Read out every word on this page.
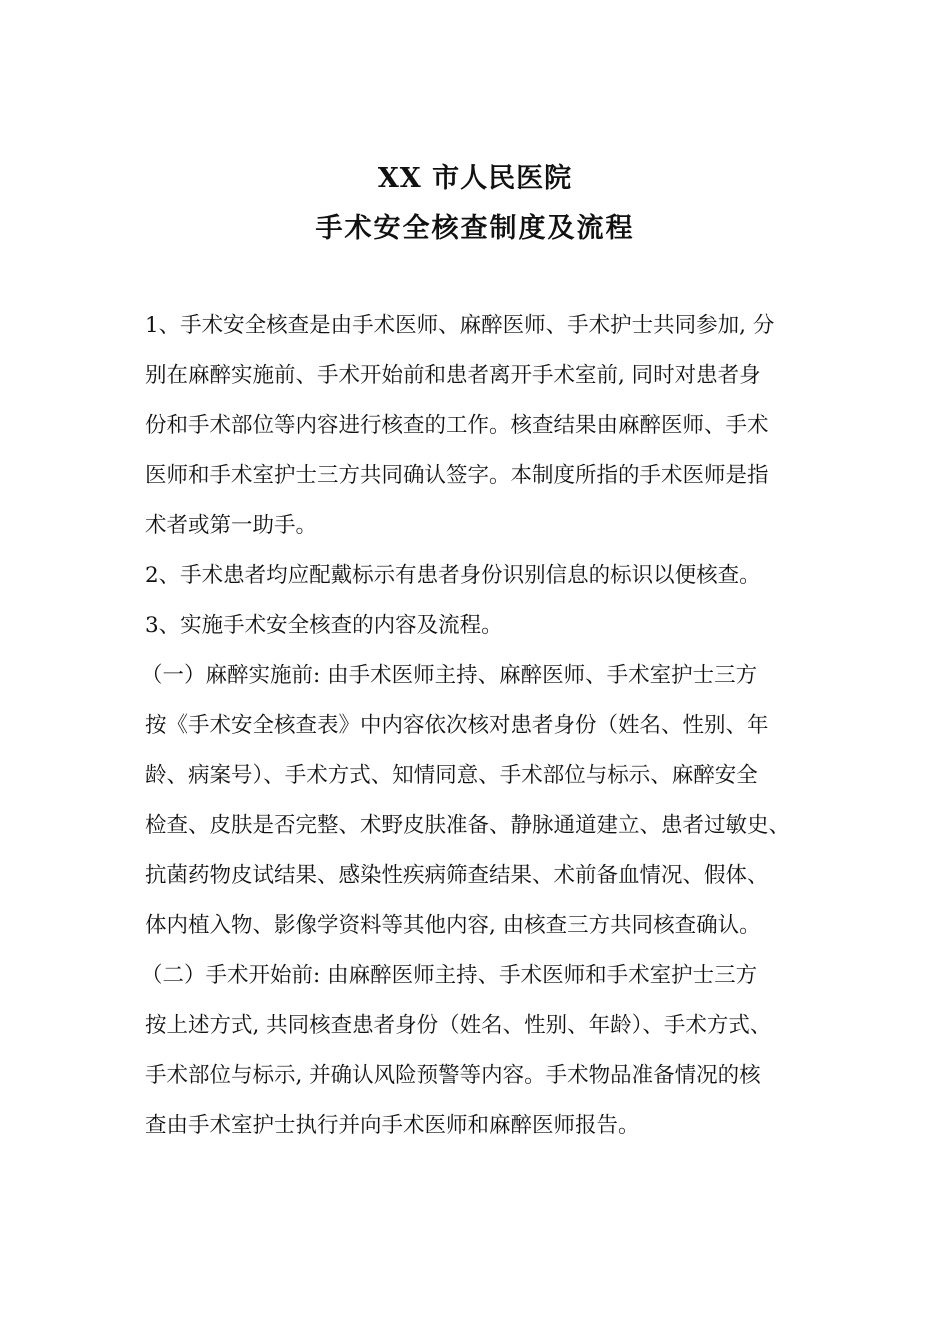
XX 市人民医院
手术安全核查制度及流程
1、手术安全核查是由手术医师、麻醉医师、手术护士共同参加, 分
别在麻醉实施前、手术开始前和患者离开手术室前, 同时对患者身
份和手术部位等内容进行核查的工作。核查结果由麻醉医师、手术
医师和手术室护士三方共同确认签字。本制度所指的手术医师是指
术者或第一助手。
2、手术患者均应配戴标示有患者身份识别信息的标识以便核查。
3、实施手术安全核查的内容及流程。
（一）麻醉实施前: 由手术医师主持、麻醉医师、手术室护士三方
按《手术安全核查表》中内容依次核对患者身份（姓名、性别、年
龄、病案号）、手术方式、知情同意、手术部位与标示、麻醉安全
检查、皮肤是否完整、术野皮肤准备、静脉通道建立、患者过敏史、
抗菌药物皮试结果、感染性疾病筛查结果、术前备血情况、假体、
体内植入物、影像学资料等其他内容, 由核查三方共同核查确认。
（二）手术开始前: 由麻醉医师主持、手术医师和手术室护士三方
按上述方式, 共同核查患者身份（姓名、性别、年龄）、手术方式、
手术部位与标示, 并确认风险预警等内容。手术物品准备情况的核
查由手术室护士执行并向手术医师和麻醉医师报告。
